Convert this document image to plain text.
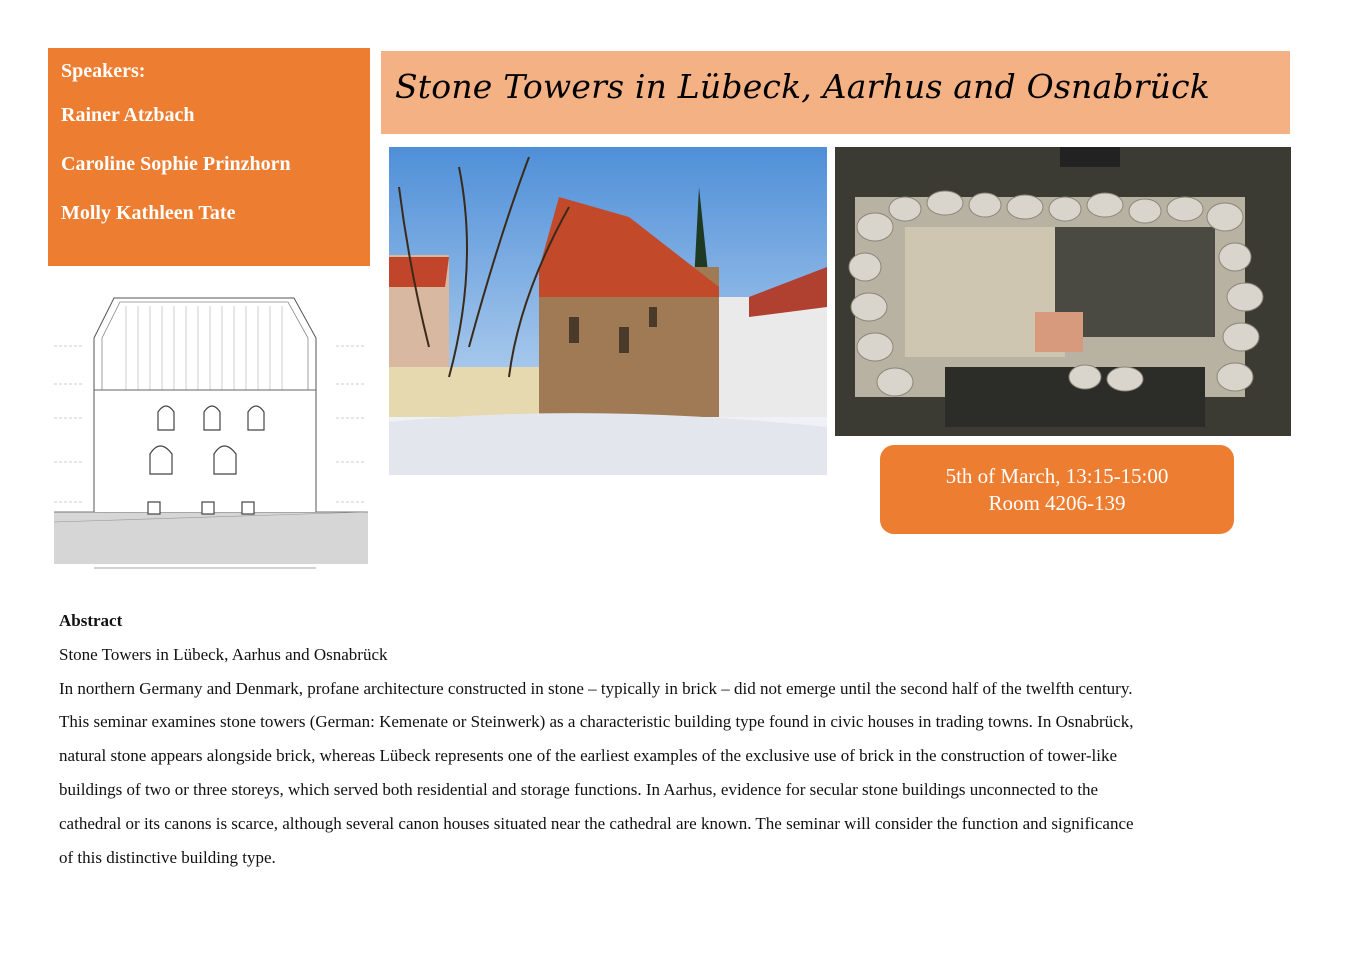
Speakers:
Rainer Atzbach
Caroline Sophie Prinzhorn
Molly Kathleen Tate
Stone Towers in Lübeck, Aarhus and Osnabrück
5th of March, 13:15-15:00
Room 4206-139
Abstract
Stone Towers in Lübeck, Aarhus and Osnabrück
In northern Germany and Denmark, profane architecture constructed in stone – typically in brick – did not emerge until the second half of the twelfth century.
This seminar examines stone towers (German: Kemenate or Steinwerk) as a characteristic building type found in civic houses in trading towns. In Osnabrück,
natural stone appears alongside brick, whereas Lübeck represents one of the earliest examples of the exclusive use of brick in the construction of tower-like
buildings of two or three storeys, which served both residential and storage functions. In Aarhus, evidence for secular stone buildings unconnected to the
cathedral or its canons is scarce, although several canon houses situated near the cathedral are known. The seminar will consider the function and significance
of this distinctive building type.
